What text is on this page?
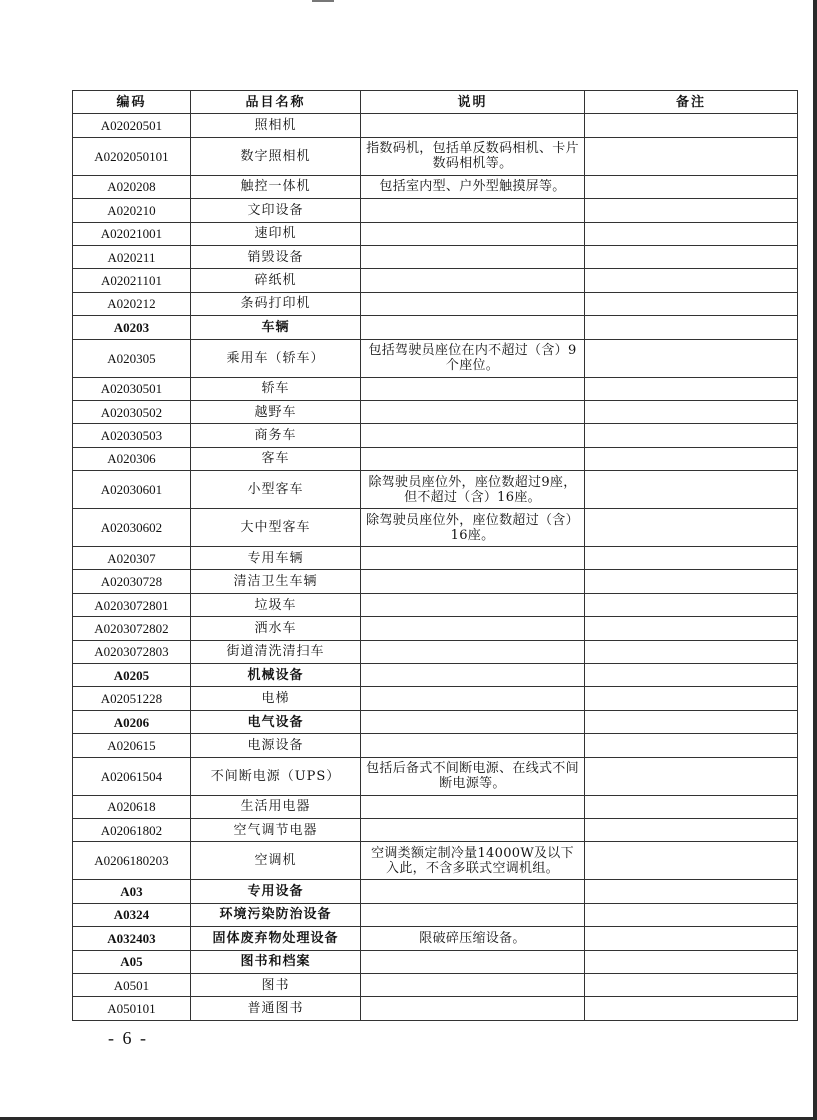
编码	品目名称	说明	备注
A02020501	照相机		
A0202050101	数字照相机	指数码机，包括单反数码相机、卡片数码相机等。	
A020208	触控一体机	包括室内型、户外型触摸屏等。	
A020210	文印设备		
A02021001	速印机		
A020211	销毁设备		
A02021101	碎纸机		
A020212	条码打印机		
A0203	车辆		
A020305	乘用车（轿车）	包括驾驶员座位在内不超过（含）9个座位。	
A02030501	轿车		
A02030502	越野车		
A02030503	商务车		
A020306	客车		
A02030601	小型客车	除驾驶员座位外，座位数超过9座，但不超过（含）16座。	
A02030602	大中型客车	除驾驶员座位外，座位数超过（含）16座。	
A020307	专用车辆		
A02030728	清洁卫生车辆		
A0203072801	垃圾车		
A0203072802	洒水车		
A0203072803	街道清洗清扫车		
A0205	机械设备		
A02051228	电梯		
A0206	电气设备		
A020615	电源设备		
A02061504	不间断电源（UPS）	包括后备式不间断电源、在线式不间断电源等。	
A020618	生活用电器		
A02061802	空气调节电器		
A0206180203	空调机	空调类额定制冷量14000W及以下入此，不含多联式空调机组。	
A03	专用设备		
A0324	环境污染防治设备		
A032403	固体废弃物处理设备	限破碎压缩设备。	
A05	图书和档案		
A0501	图书		
A050101	普通图书		
- 6 -
